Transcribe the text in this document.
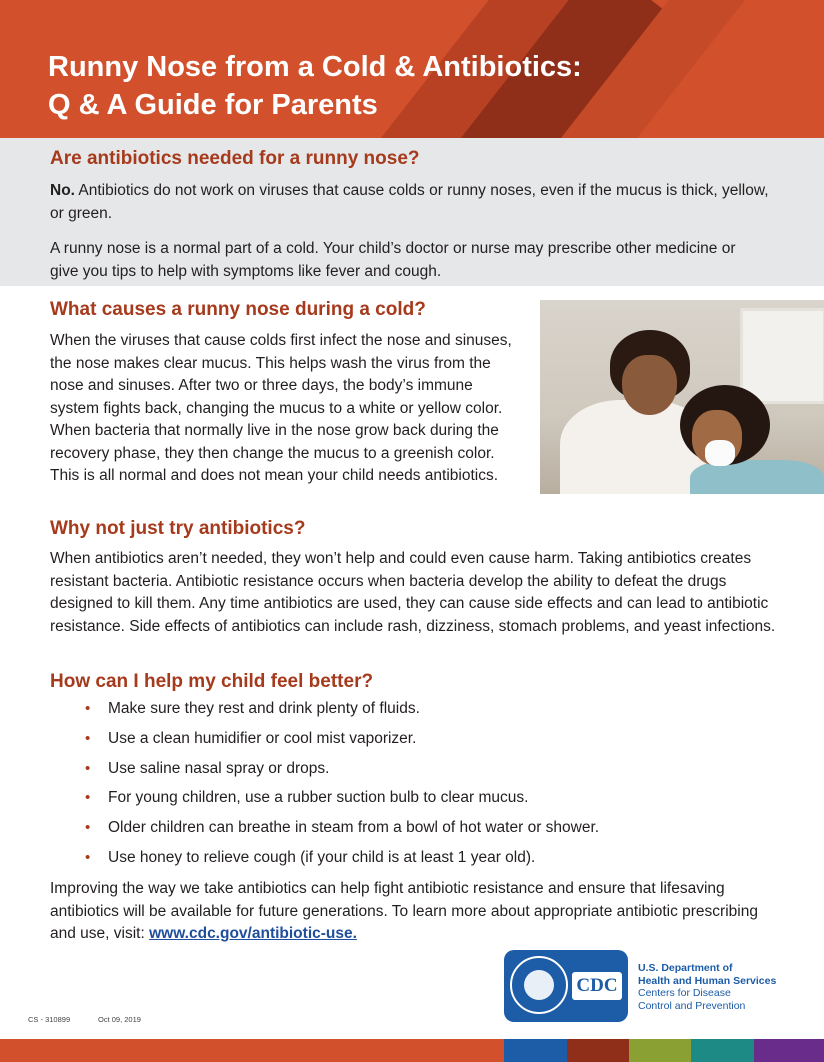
Runny Nose from a Cold & Antibiotics:
Q & A Guide for Parents
Are antibiotics needed for a runny nose?

No. Antibiotics do not work on viruses that cause colds or runny noses, even if the mucus is thick, yellow, or green.

A runny nose is a normal part of a cold. Your child’s doctor or nurse may prescribe other medicine or give you tips to help with symptoms like fever and cough.

What causes a runny nose during a cold?

When the viruses that cause colds first infect the nose and sinuses, the nose makes clear mucus. This helps wash the virus from the nose and sinuses. After two or three days, the body’s immune system fights back, changing the mucus to a white or yellow color. When bacteria that normally live in the nose grow back during the recovery phase, they then change the mucus to a greenish color. This is all normal and does not mean your child needs antibiotics.

Why not just try antibiotics?

When antibiotics aren’t needed, they won’t help and could even cause harm. Taking antibiotics creates resistant bacteria. Antibiotic resistance occurs when bacteria develop the ability to defeat the drugs designed to kill them. Any time antibiotics are used, they can cause side effects and can lead to antibiotic resistance. Side effects of antibiotics can include rash, dizziness, stomach problems, and yeast infections.

How can I help my child feel better?
• Make sure they rest and drink plenty of fluids.
• Use a clean humidifier or cool mist vaporizer.
• Use saline nasal spray or drops.
• For young children, use a rubber suction bulb to clear mucus.
• Older children can breathe in steam from a bowl of hot water or shower.
• Use honey to relieve cough (if your child is at least 1 year old).

Improving the way we take antibiotics can help fight antibiotic resistance and ensure that lifesaving antibiotics will be available for future generations. To learn more about appropriate antibiotic prescribing and use, visit: www.cdc.gov/antibiotic-use.

CDC
U.S. Department of
Health and Human Services
Centers for Disease
Control and Prevention
CS - 310899	Oct 09, 2019
